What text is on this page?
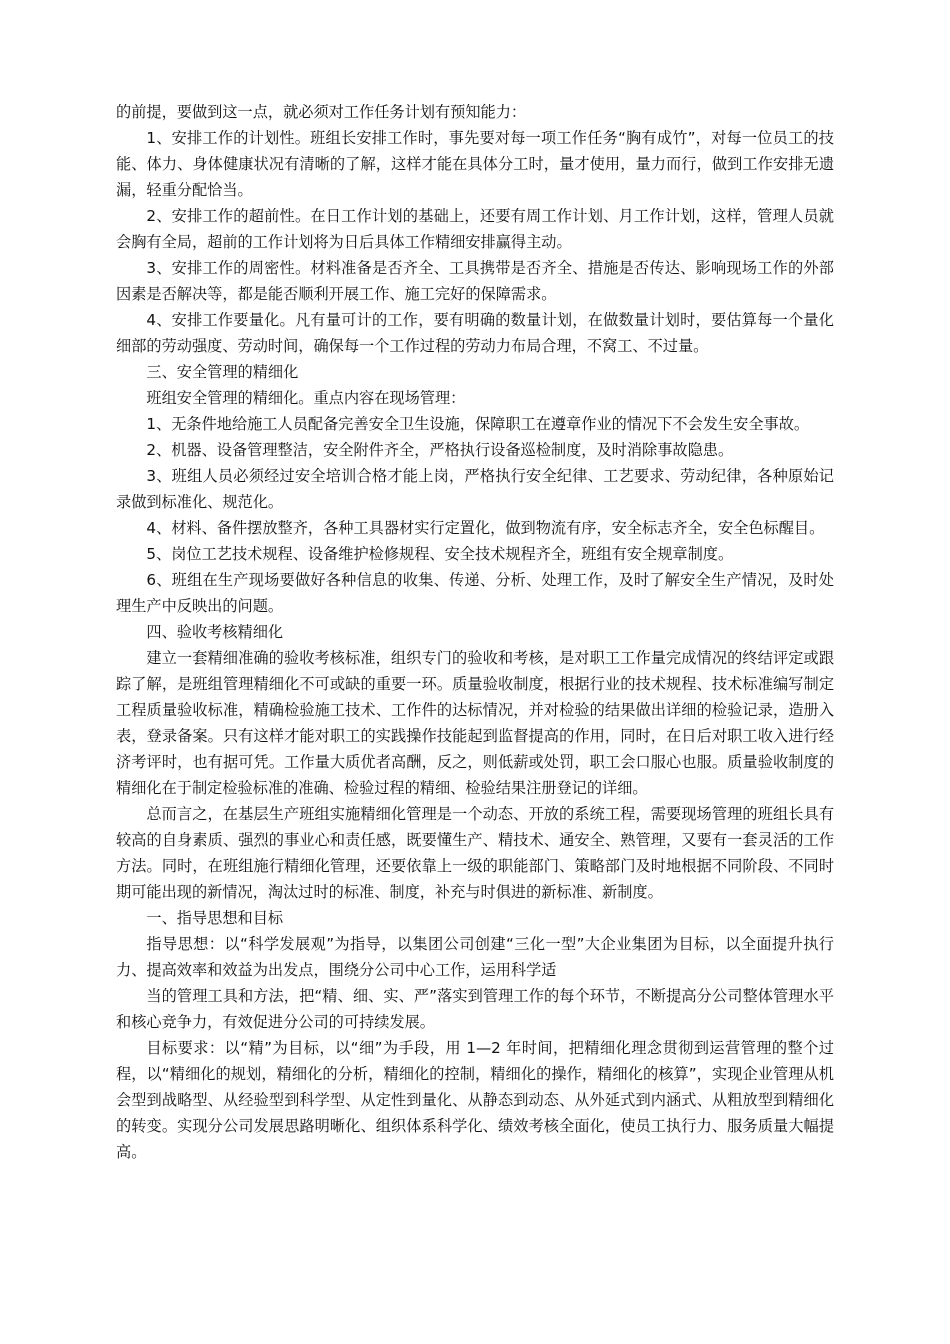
的前提，要做到这一点，就必须对工作任务计划有预知能力：

1、安排工作的计划性。班组长安排工作时，事先要对每一项工作任务“胸有成竹”，对每一位员工的技能、体力、身体健康状况有清晰的了解，这样才能在具体分工时，量才使用，量力而行，做到工作安排无遗漏，轻重分配恰当。

2、安排工作的超前性。在日工作计划的基础上，还要有周工作计划、月工作计划，这样，管理人员就会胸有全局，超前的工作计划将为日后具体工作精细安排赢得主动。

3、安排工作的周密性。材料准备是否齐全、工具携带是否齐全、措施是否传达、影响现场工作的外部因素是否解决等，都是能否顺利开展工作、施工完好的保障需求。

4、安排工作要量化。凡有量可计的工作，要有明确的数量计划，在做数量计划时，要估算每一个量化细部的劳动强度、劳动时间，确保每一个工作过程的劳动力布局合理，不窝工、不过量。

三、安全管理的精细化

班组安全管理的精细化。重点内容在现场管理：

1、无条件地给施工人员配备完善安全卫生设施，保障职工在遵章作业的情况下不会发生安全事故。

2、机器、设备管理整洁，安全附件齐全，严格执行设备巡检制度，及时消除事故隐患。

3、班组人员必须经过安全培训合格才能上岗，严格执行安全纪律、工艺要求、劳动纪律，各种原始记录做到标准化、规范化。

4、材料、备件摆放整齐，各种工具器材实行定置化，做到物流有序，安全标志齐全，安全色标醒目。

5、岗位工艺技术规程、设备维护检修规程、安全技术规程齐全，班组有安全规章制度。

6、班组在生产现场要做好各种信息的收集、传递、分析、处理工作，及时了解安全生产情况，及时处理生产中反映出的问题。

四、验收考核精细化

建立一套精细准确的验收考核标准，组织专门的验收和考核，是对职工工作量完成情况的终结评定或跟踪了解，是班组管理精细化不可或缺的重要一环。质量验收制度，根据行业的技术规程、技术标准编写制定工程质量验收标准，精确检验施工技术、工作件的达标情况，并对检验的结果做出详细的检验记录，造册入表，登录备案。只有这样才能对职工的实践操作技能起到监督提高的作用，同时，在日后对职工收入进行经济考评时，也有据可凭。工作量大质优者高酬，反之，则低薪或处罚，职工会口服心也服。质量验收制度的精细化在于制定检验标准的准确、检验过程的精细、检验结果注册登记的详细。

总而言之，在基层生产班组实施精细化管理是一个动态、开放的系统工程，需要现场管理的班组长具有较高的自身素质、强烈的事业心和责任感，既要懂生产、精技术、通安全、熟管理，又要有一套灵活的工作方法。同时，在班组施行精细化管理，还要依靠上一级的职能部门、策略部门及时地根据不同阶段、不同时期可能出现的新情况，淘汰过时的标准、制度，补充与时俱进的新标准、新制度。

一、指导思想和目标

指导思想：以“科学发展观”为指导，以集团公司创建“三化一型”大企业集团为目标，以全面提升执行力、提高效率和效益为出发点，围绕分公司中心工作，运用科学适

当的管理工具和方法，把“精、细、实、严”落实到管理工作的每个环节，不断提高分公司整体管理水平和核心竞争力，有效促进分公司的可持续发展。

目标要求：以“精”为目标，以“细”为手段，用 1—2 年时间，把精细化理念贯彻到运营管理的整个过程，以“精细化的规划，精细化的分析，精细化的控制，精细化的操作，精细化的核算”，实现企业管理从机会型到战略型、从经验型到科学型、从定性到量化、从静态到动态、从外延式到内涵式、从粗放型到精细化的转变。实现分公司发展思路明晰化、组织体系科学化、绩效考核全面化，使员工执行力、服务质量大幅提高。
